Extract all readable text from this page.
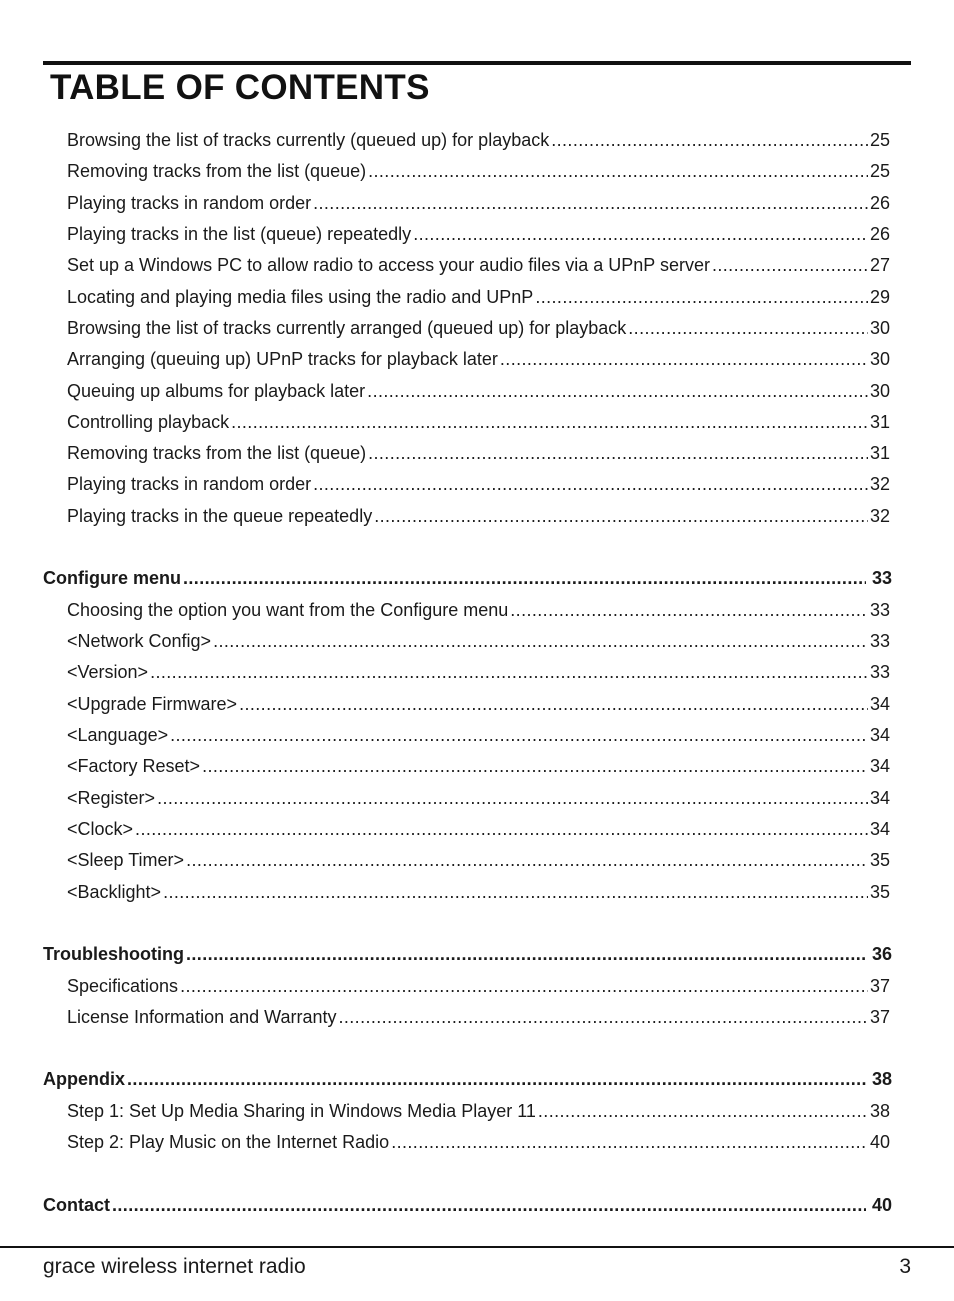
TABLE OF CONTENTS
Browsing the list of tracks currently (queued up) for playback .....	25
Removing tracks from the list (queue) .....	25
Playing tracks in random order .....	26
Playing tracks in the list (queue) repeatedly .....	26
Set up a Windows PC to allow radio to access your audio files via a UPnP server .....	27
Locating and playing media files using the radio and UPnP .....	29
Browsing the list of tracks currently arranged (queued up) for playback .....	30
Arranging (queuing up) UPnP tracks for playback later .....	30
Queuing up albums for playback later .....	30
Controlling playback .....	31
Removing tracks from the list (queue) .....	31
Playing tracks in random order .....	32
Playing tracks in the queue repeatedly .....	32
Configure menu .....	33
Choosing the option you want from the Configure menu .....	33
<Network Config> .....	33
<Version> .....	33
<Upgrade Firmware> .....	34
<Language> .....	34
<Factory Reset> .....	34
<Register> .....	34
<Clock> .....	34
<Sleep Timer> .....	35
<Backlight> .....	35
Troubleshooting .....	36
Specifications .....	37
License Information and Warranty .....	37
Appendix .....	38
Step 1: Set Up Media Sharing in Windows Media Player 11 .....	38
Step 2: Play Music on the Internet Radio .....	40
Contact .....	40
grace wireless internet radio	3
